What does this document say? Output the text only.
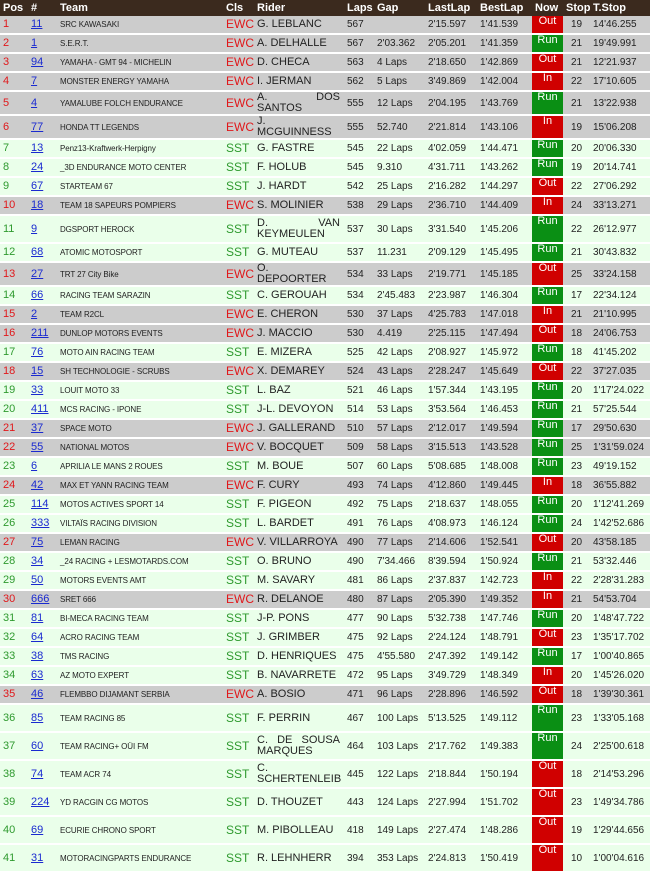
Pos	#	Team	Cls	Rider	Laps	Gap	LastLap	BestLap	Now	Stop	T.Stop
1	11	SRC KAWASAKI	EWC	G. LEBLANC	567		2'15.597	1'41.539	Out	19	14'46.255
2	1	S.E.R.T.	EWC	A. DELHALLE	567	2'03.362	2'05.201	1'41.359	Run	21	19'49.991
3	94	YAMAHA - GMT 94 - MICHELIN	EWC	D. CHECA	563	4 Laps	2'18.650	1'42.869	Out	21	12'21.937
4	7	MONSTER ENERGY YAMAHA	EWC	I. JERMAN	562	5 Laps	3'49.869	1'42.004	In	22	17'10.605
5	4	YAMALUBE FOLCH ENDURANCE	EWC	A. DOS SANTOS	555	12 Laps	2'04.195	1'43.769	Run	21	13'22.938
6	77	HONDA TT LEGENDS	EWC	J. MCGUINNESS	555	52.740	2'21.814	1'43.106	In	19	15'06.208
7	13	Penz13-Kraftwerk-Herpigny	SST	G. FASTRE	545	22 Laps	4'02.059	1'44.471	Run	20	20'06.330
8	24	_3D ENDURANCE MOTO CENTER	SST	F. HOLUB	545	9.310	4'31.711	1'43.262	Run	19	20'14.741
9	67	STARTEAM 67	SST	J. HARDT	542	25 Laps	2'16.282	1'44.297	Out	22	27'06.292
10	18	TEAM 18 SAPEURS POMPIERS	EWC	S. MOLINIER	538	29 Laps	2'36.710	1'44.409	In	24	33'13.271
11	9	DGSPORT HEROCK	SST	D. VAN KEYMEULEN	537	30 Laps	3'31.540	1'45.206	Run	22	26'12.977
12	68	ATOMIC MOTOSPORT	SST	G. MUTEAU	537	11.231	2'09.129	1'45.495	Run	21	30'43.832
13	27	TRT 27 City Bike	EWC	O. DEPOORTER	534	33 Laps	2'19.771	1'45.185	Out	25	33'24.158
14	66	RACING TEAM SARAZIN	SST	C. GEROUAH	534	2'45.483	2'23.987	1'46.304	Run	17	22'34.124
15	2	TEAM R2CL	EWC	E. CHERON	530	37 Laps	4'25.783	1'47.018	In	21	21'10.995
16	211	DUNLOP MOTORS EVENTS	EWC	J. MACCIO	530	4.419	2'25.115	1'47.494	Out	18	24'06.753
17	76	MOTO AIN RACING TEAM	SST	E. MIZERA	525	42 Laps	2'08.927	1'45.972	Run	18	41'45.202
18	15	SH TECHNOLOGIE - SCRUBS	EWC	X. DEMAREY	524	43 Laps	2'28.247	1'45.649	Out	22	37'27.035
19	33	LOUIT MOTO 33	SST	L. BAZ	521	46 Laps	1'57.344	1'43.195	Run	20	1'17'24.022
20	411	MCS RACING - IPONE	SST	J-L. DEVOYON	514	53 Laps	3'53.564	1'46.453	Run	21	57'25.544
21	37	SPACE MOTO	EWC	J. GALLERAND	510	57 Laps	2'12.017	1'49.594	Run	17	29'50.630
22	55	NATIONAL MOTOS	EWC	V. BOCQUET	509	58 Laps	3'15.513	1'43.528	Run	25	1'31'59.024
23	6	APRILIA LE MANS 2 ROUES	SST	M. BOUE	507	60 Laps	5'08.685	1'48.008	Run	23	49'19.152
24	42	MAX ET YANN RACING TEAM	EWC	F. CURY	493	74 Laps	4'12.860	1'49.445	In	18	36'55.882
25	114	MOTOS ACTIVES SPORT 14	SST	F. PIGEON	492	75 Laps	2'18.637	1'48.055	Run	20	1'12'41.269
26	333	VILTAÏS RACING DIVISION	SST	L. BARDET	491	76 Laps	4'08.973	1'46.124	Run	24	1'42'52.686
27	75	LEMAN RACING	EWC	V. VILLARROYA	490	77 Laps	2'14.606	1'52.541	Out	20	43'58.185
28	34	_24 RACING + LESMOTARDS.COM	SST	O. BRUNO	490	7'34.466	8'39.594	1'50.924	Run	21	53'32.446
29	50	MOTORS EVENTS AMT	SST	M. SAVARY	481	86 Laps	2'37.837	1'42.723	In	22	2'28'31.283
30	666	SRET 666	EWC	R. DELANOE	480	87 Laps	2'05.390	1'49.352	In	21	54'53.704
31	81	BI-MECA RACING TEAM	SST	J-P. PONS	477	90 Laps	5'32.738	1'47.746	Run	20	1'48'47.722
32	64	ACRO RACING TEAM	SST	J. GRIMBER	475	92 Laps	2'24.124	1'48.791	Out	23	1'35'17.702
33	38	TMS RACING	SST	D. HENRIQUES	475	4'55.580	2'47.392	1'49.142	Run	17	1'00'40.865
34	63	AZ MOTO EXPERT	SST	B. NAVARRETE	472	95 Laps	3'49.729	1'48.349	In	20	1'45'26.020
35	46	FLEMBBO DIJAMANT SERBIA	EWC	A. BOSIO	471	96 Laps	2'28.896	1'46.592	Out	18	1'39'30.361
36	85	TEAM RACING 85	SST	F. PERRIN	467	100 Laps	5'13.525	1'49.112	Run	23	1'33'05.168
37	60	TEAM RACING+ OÜI FM	SST	C. DE SOUSA MARQUES	464	103 Laps	2'17.762	1'49.383	Run	24	2'25'00.618
38	74	TEAM ACR 74	SST	C. SCHERTENLEIB	445	122 Laps	2'18.844	1'50.194	Out	18	2'14'53.296
39	224	YD RACGIN CG MOTOS	SST	D. THOUZET	443	124 Laps	2'27.994	1'51.702	Out	23	1'49'34.786
40	69	ECURIE CHRONO SPORT	SST	M. PIBOLLEAU	418	149 Laps	2'27.474	1'48.286	Out	19	1'29'44.656
41	31	MOTORACINGPARTS ENDURANCE	SST	R. LEHNHERR	394	353 Laps	2'24.813	1'50.419	Out	10	1'00'04.616
